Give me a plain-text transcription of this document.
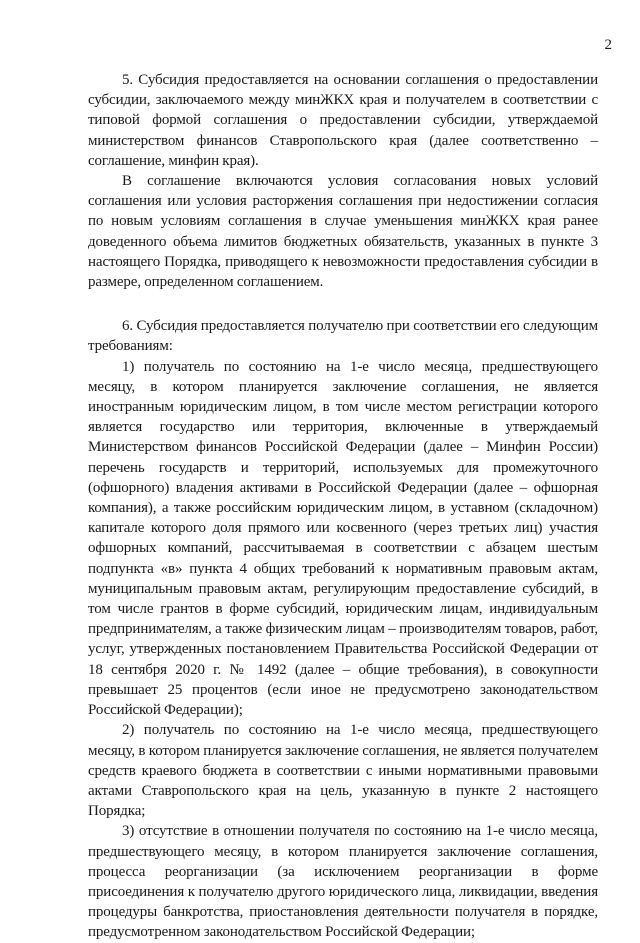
2

5. Субсидия предоставляется на основании соглашения о предоставлении субсидии, заключаемого между минЖКХ края и получателем в соответствии с типовой формой соглашения о предоставлении субсидии, утверждаемой министерством финансов Ставропольского края (далее соответственно – соглашение, минфин края).

В соглашение включаются условия согласования новых условий соглашения или условия расторжения соглашения при недостижении согласия по новым условиям соглашения в случае уменьшения минЖКХ края ранее доведенного объема лимитов бюджетных обязательств, указанных в пункте 3 настоящего Порядка, приводящего к невозможности предоставления субсидии в размере, определенном соглашением.

6. Субсидия предоставляется получателю при соответствии его следующим требованиям:

1) получатель по состоянию на 1-е число месяца, предшествующего месяцу, в котором планируется заключение соглашения, не является иностранным юридическим лицом, в том числе местом регистрации которого является государство или территория, включенные в утверждаемый Министерством финансов Российской Федерации (далее – Минфин России) перечень государств и территорий, используемых для промежуточного (офшорного) владения активами в Российской Федерации (далее – офшорная компания), а также российским юридическим лицом, в уставном (складочном) капитале которого доля прямого или косвенного (через третьих лиц) участия офшорных компаний, рассчитываемая в соответствии с абзацем шестым подпункта «в» пункта 4 общих требований к нормативным правовым актам, муниципальным правовым актам, регулирующим предоставление субсидий, в том числе грантов в форме субсидий, юридическим лицам, индивидуальным предпринимателям, а также физическим лицам – производителям товаров, работ, услуг, утвержденных постановлением Правительства Российской Федерации от 18 сентября 2020 г. № 1492 (далее – общие требования), в совокупности превышает 25 процентов (если иное не предусмотрено законодательством Российской Федерации);

2) получатель по состоянию на 1-е число месяца, предшествующего месяцу, в котором планируется заключение соглашения, не является получателем средств краевого бюджета в соответствии с иными нормативными правовыми актами Ставропольского края на цель, указанную в пункте 2 настоящего Порядка;

3) отсутствие в отношении получателя по состоянию на 1-е число месяца, предшествующего месяцу, в котором планируется заключение соглашения, процесса реорганизации (за исключением реорганизации в форме присоединения к получателю другого юридического лица, ликвидации, введения процедуры банкротства, приостановления деятельности получателя в порядке, предусмотренном законодательством Российской Федерации;
